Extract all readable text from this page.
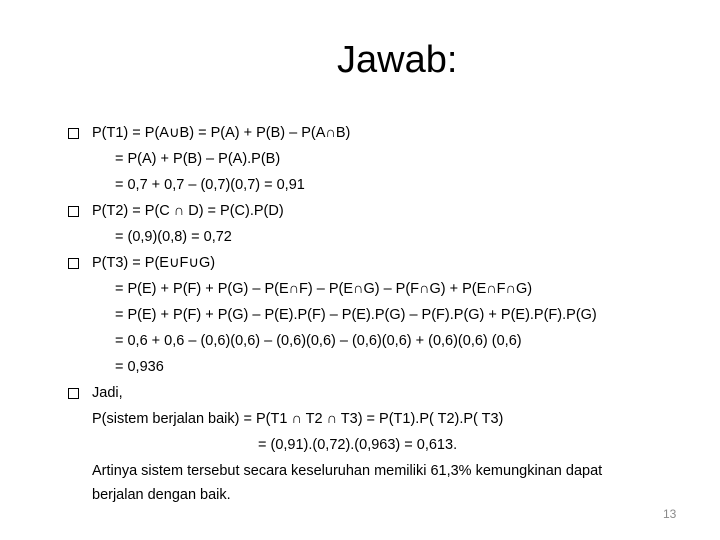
Jawab:
P(T1) = P(A∪B) = P(A) + P(B) – P(A∩B)
= P(A) + P(B) – P(A).P(B)
= 0,7 + 0,7 – (0,7)(0,7) = 0,91
P(T2) = P(C ∩ D) = P(C).P(D)
= (0,9)(0,8) = 0,72
P(T3) = P(E∪F∪G)
= P(E) + P(F) + P(G) – P(E∩F) – P(E∩G) – P(F∩G) + P(E∩F∩G)
= P(E) + P(F) + P(G) – P(E).P(F) – P(E).P(G) – P(F).P(G) + P(E).P(F).P(G)
= 0,6 + 0,6 – (0,6)(0,6) – (0,6)(0,6) – (0,6)(0,6) + (0,6)(0,6) (0,6)
= 0,936
Jadi,
P(sistem berjalan baik) = P(T1 ∩ T2 ∩ T3) = P(T1).P( T2).P( T3)
= (0,91).(0,72).(0,963) = 0,613.
Artinya sistem tersebut secara keseluruhan memiliki 61,3% kemungkinan dapat
berjalan dengan baik.
13
